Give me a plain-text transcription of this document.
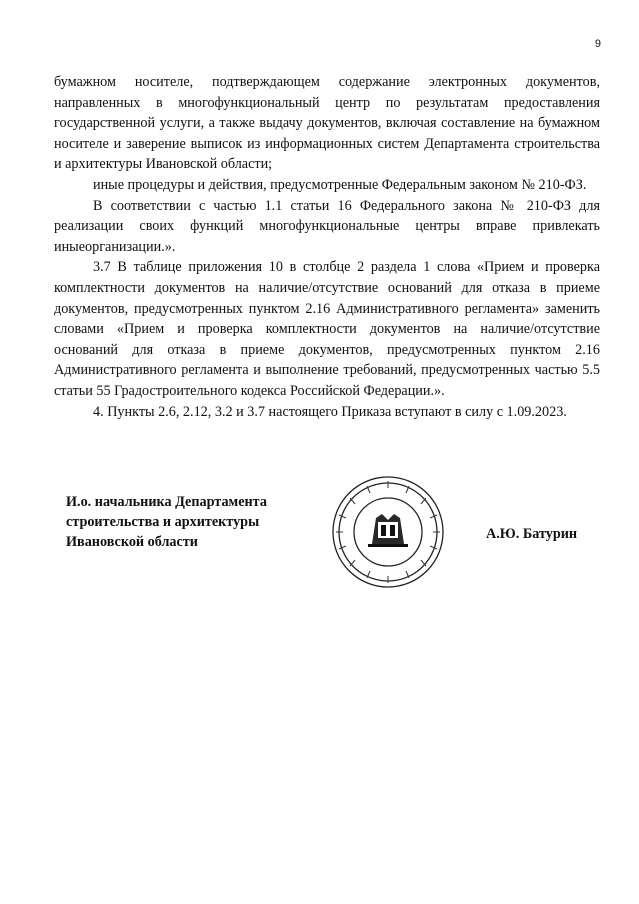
9

бумажном носителе, подтверждающем содержание электронных документов, направленных в многофункциональный центр по результатам предоставления государственной услуги, а также выдачу документов, включая составление на бумажном носителе и заверение выписок из информационных систем Департамента строительства и архитектуры Ивановской области;

иные процедуры и действия, предусмотренные Федеральным законом № 210-ФЗ.

В соответствии с частью 1.1 статьи 16 Федерального закона № 210-ФЗ для реализации своих функций многофункциональные центры вправе привлекать иныеорганизации.».

3.7 В таблице приложения 10 в столбце 2 раздела 1 слова «Прием и проверка комплектности документов на наличие/отсутствие оснований для отказа в приеме документов, предусмотренных пунктом 2.16 Административного регламента» заменить словами «Прием и проверка комплектности документов на наличие/отсутствие оснований для отказа в приеме документов, предусмотренных пунктом 2.16 Административного регламента и выполнение требований, предусмотренных частью 5.5 статьи 55 Градостроительного кодекса Российской Федерации.».

4. Пункты 2.6, 2.12, 3.2 и 3.7 настоящего Приказа вступают в силу с 1.09.2023.

И.о. начальника Департамента
строительства и архитектуры
Ивановской области	А.Ю. Батурин
